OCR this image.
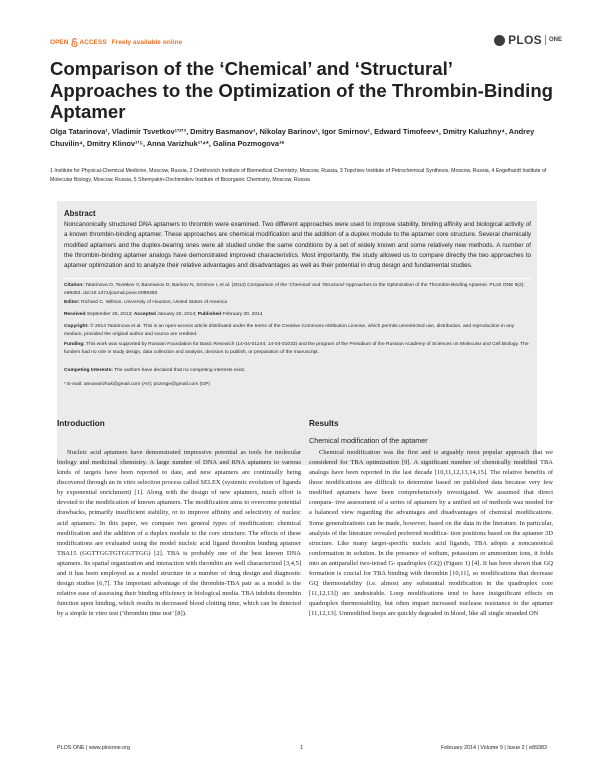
OPEN ACCESS Freely available online	PLOS ONE
Comparison of the ‘Chemical’ and ‘Structural’ Approaches to the Optimization of the Thrombin-Binding Aptamer
Olga Tatarinova¹, Vladimir Tsvetkov¹ʼ²ʼ³, Dmitry Basmanov¹, Nikolay Barinov¹, Igor Smirnov¹, Edward Timofeev⁴, Dmitry Kaluzhny⁴, Andrey Chuvilin⁴, Dmitry Klinov¹ʼ⁵, Anna Varizhuk¹ʼ⁴*, Galina Pozmogova¹*
1 Institute for Physical-Chemical Medicine, Moscow, Russia, 2 Orekhovich Institute of Biomedical Chemistry, Moscow, Russia, 3 Topchiev Institute of Petrochemical Synthesis, Moscow, Russia, 4 Engelhardt Institute of Molecular Biology, Moscow, Russia, 5 Shemyakin-Ovchinnikov Institute of Bioorganic Chemistry, Moscow, Russia
Abstract
Noncanonically structured DNA aptamers to thrombin were examined. Two different approaches were used to improve stability, binding affinity and biological activity of a known thrombin-binding aptamer. These approaches are chemical modification and the addition of a duplex module to the aptamer core structure. Several chemically modified aptamers and the duplex-bearing ones were all studied under the same conditions by a set of widely known and some relatively new methods. A number of the thrombin-binding aptamer analogs have demonstrated improved characteristics. Most importantly, the study allowed us to compare directly the two approaches to aptamer optimization and to analyze their relative advantages and disadvantages as well as their potential in drug design and fundamental studies.
Citation: Tatarinova O, Tsvetkov V, Basmanov D, Barinov N, Smirnov I, et al. (2014) Comparison of the ‘Chemical’ and ‘Structural’ Approaches to the Optimization of the Thrombin-Binding Aptamer. PLoS ONE 9(2): e89383. doi:10.1371/journal.pone.0089383
Editor: Richard C. Willson, University of Houston, United States of America
Received September 26, 2013; Accepted January 20, 2014; Published February 20, 2014
Copyright: © 2014 Tatarinova et al. This is an open-access article distributed under the terms of the Creative Commons Attribution License, which permits unrestricted use, distribution, and reproduction in any medium, provided the original author and source are credited.
Funding: This work was supported by Russian Foundation for Basic Research (14-04-01244; 14-04-01033) and the program of the Presidium of the Russian Academy of Sciences on Molecular and Cell Biology. The funders had no role in study design, data collection and analysis, decision to publish, or preparation of the manuscript.
Competing Interests: The authors have declared that no competing interests exist.
* E-mail: annavarizhuk@gmail.com (AV); pozmge@gmail.com (GP)
Introduction

Nucleic acid aptamers have demonstrated impressive potential as tools for molecular biology and medicinal chemistry. A large number of DNA and RNA aptamers to various kinds of targets have been reported to date, and new aptamers are continually being discovered through an in vitro selection process called SELEX (systemic evolution of ligands by exponential enrichment) [1]. Along with the design of new aptamers, much effort is devoted to the modification of known aptamers. The modification aims to overcome potential drawbacks, primarily insufficient stability, or to improve affinity and selectivity of nucleic acid aptamers. In this paper, we compare two general types of modification: chemical modification and the addition of a duplex module to the core structure. The effects of these modifications are evaluated using the model nucleic acid ligand thrombin binding aptamer TBA15 (GGTTGGTGTGGTTGG) [2]. TBA is probably one of the best known DNA aptamers. Its spatial organization and interaction with thrombin are well characterized [3,4,5] and it has been employed as a model structure in a number of drug design and diagnostic design studies [6,7]. The important advantage of the thrombin-TBA pair as a model is the relative ease of assessing their binding efficiency in biological media. TBA inhibits thrombin function upon binding, which results in decreased blood clotting time, which can be detected by a simple in vitro test (‘thrombin time test’ [8]).

Results
Chemical modification of the aptamer

Chemical modification was the first and is arguably most popular approach that we considered for TBA optimization [9]. A significant number of chemically modified TBA analogs have been reported in the last decade [10,11,12,13,14,15]. The relative benefits of those modifications are difficult to determine based on published data because very few modified aptamers have been comprehensively investigated. We assumed that direct compara- tive assessment of a series of aptamers by a unified set of methods was needed for a balanced view regarding the advantages and disadvantages of chemical modifications. Some generalizations can be made, however, based on the data in the literature. In particular, analysis of the literature revealed preferred modifica- tion positions based on the aptamer 3D structure. Like many target-specific nucleic acid ligands, TBA adopts a noncanonical conformation in solution. In the presence of sodium, potassium or ammonium ions, it folds into an antiparallel two-tetrad G- quadruplex (GQ) (Figure 1) [4]. It has been shown that GQ formation is crucial for TBA binding with thrombin [10,11], so modifications that decrease GQ thermostability (i.e. almost any substantial modification in the quadruplex core [11,12,13]) are undesirable. Loop modifications tend to have insignificant effects on quadruplex thermostability, but often impart increased nuclease resistance to the aptamer [11,12,13]. Unmodified loops are quickly degraded in blood, like all single stranded ON

PLOS ONE | www.plosone.org	1	February 2014 | Volume 9 | Issue 2 | e89383
